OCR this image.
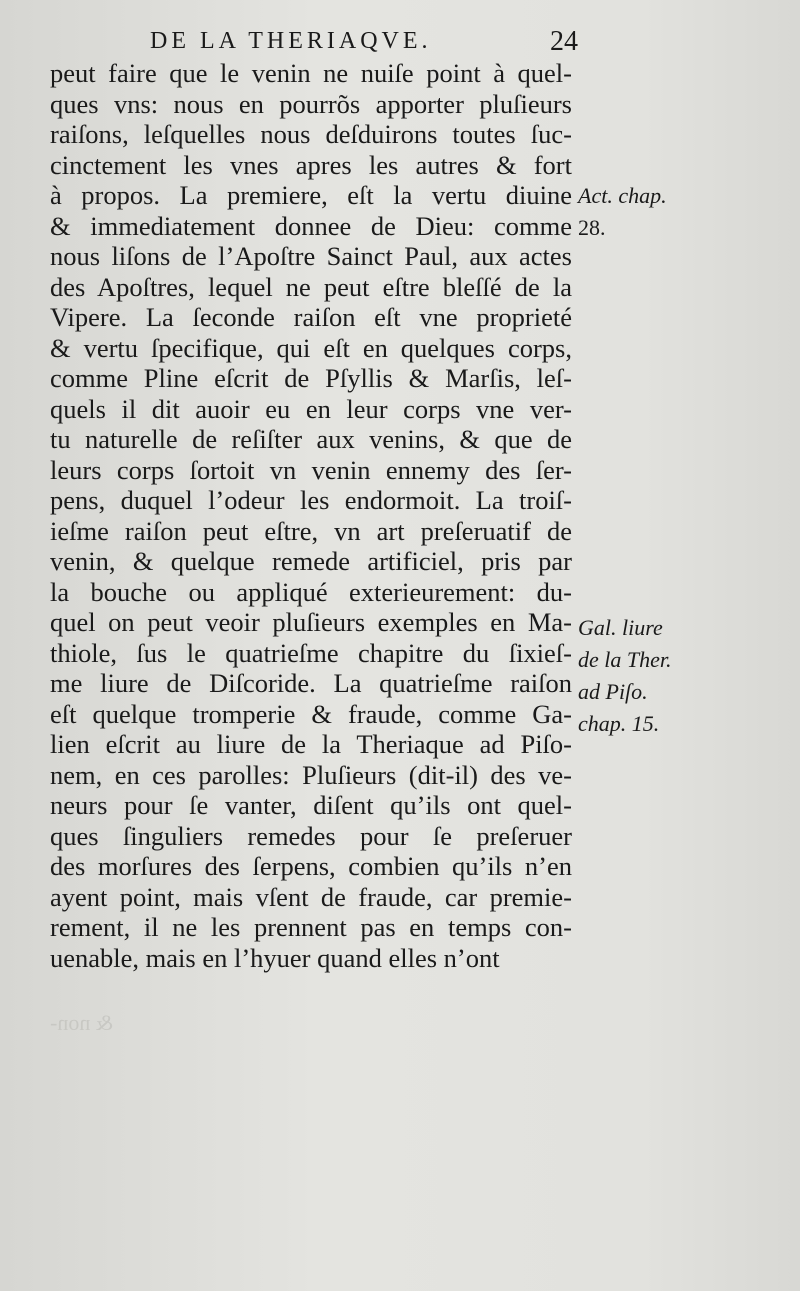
DE LA THERIAQVE.	24
peut faire que le venin ne nuiſe point à quel-
ques vns: nous en pourrõs apporter pluſieurs
raiſons, leſquelles nous deſduirons toutes ſuc-
cinctement les vnes apres les autres & fort
à propos. La premiere, eſt la vertu diuine
& immediatement donnee de Dieu: comme
nous liſons de l’Apoſtre Sainct Paul, aux actes
des Apoſtres, lequel ne peut eſtre bleſſé de la
Vipere. La ſeconde raiſon eſt vne proprieté
& vertu ſpecifique, qui eſt en quelques corps,
comme Pline eſcrit de Pſyllis & Marſis, leſ-
quels il dit auoir eu en leur corps vne ver-
tu naturelle de reſiſter aux venins, & que de
leurs corps ſortoit vn venin ennemy des ſer-
pens, duquel l’odeur les endormoit. La troiſ-
ieſme raiſon peut eſtre, vn art preſeruatif de
venin, & quelque remede artificiel, pris par
la bouche ou appliqué exterieurement: du-
quel on peut veoir pluſieurs exemples en Ma-
thiole, ſus le quatrieſme chapitre du ſixieſ-
me liure de Diſcoride. La quatrieſme raiſon
eſt quelque tromperie & fraude, comme Ga-
lien eſcrit au liure de la Theriaque ad Piſo-
nem, en ces parolles: Pluſieurs (dit-il) des ve-
neurs pour ſe vanter, diſent qu’ils ont quel-
ques ſinguliers remedes pour ſe preſeruer
des morſures des ſerpens, combien qu’ils n’en
ayent point, mais vſent de fraude, car premie-
rement, il ne les prennent pas en temps con-
uenable, mais en l’hyuer quand elles n’ont
Act. chap.
28.
Gal. liure
de la Ther.
ad Piſo.
chap. 15.
& non-
